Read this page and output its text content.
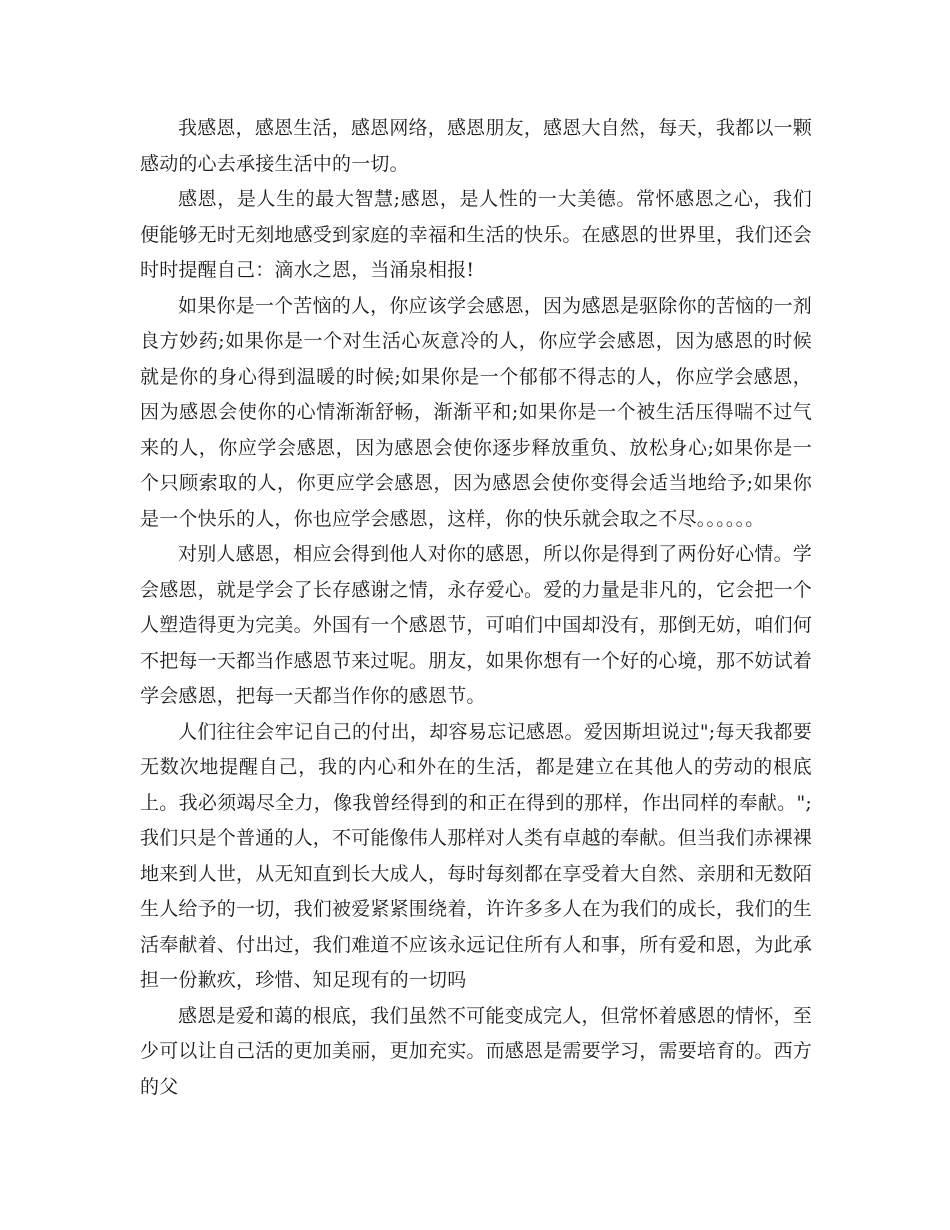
我感恩，感恩生活，感恩网络，感恩朋友，感恩大自然，每天，我都以一颗感动的心去承接生活中的一切。

感恩，是人生的最大智慧;感恩，是人性的一大美德。常怀感恩之心，我们便能够无时无刻地感受到家庭的幸福和生活的快乐。在感恩的世界里，我们还会时时提醒自己：滴水之恩，当涌泉相报!

如果你是一个苦恼的人，你应该学会感恩，因为感恩是驱除你的苦恼的一剂良方妙药;如果你是一个对生活心灰意冷的人，你应学会感恩，因为感恩的时候就是你的身心得到温暖的时候;如果你是一个郁郁不得志的人，你应学会感恩，因为感恩会使你的心情渐渐舒畅，渐渐平和;如果你是一个被生活压得喘不过气来的人，你应学会感恩，因为感恩会使你逐步释放重负、放松身心;如果你是一个只顾索取的人，你更应学会感恩，因为感恩会使你变得会适当地给予;如果你是一个快乐的人，你也应学会感恩，这样，你的快乐就会取之不尽。。。。。。

对别人感恩，相应会得到他人对你的感恩，所以你是得到了两份好心情。学会感恩，就是学会了长存感谢之情，永存爱心。爱的力量是非凡的，它会把一个人塑造得更为完美。外国有一个感恩节，可咱们中国却没有，那倒无妨，咱们何不把每一天都当作感恩节来过呢。朋友，如果你想有一个好的心境，那不妨试着学会感恩，把每一天都当作你的感恩节。

人们往往会牢记自己的付出，却容易忘记感恩。爱因斯坦说过";每天我都要无数次地提醒自己，我的内心和外在的生活，都是建立在其他人的劳动的根底上。我必须竭尽全力，像我曾经得到的和正在得到的那样，作出同样的奉献。";我们只是个普通的人，不可能像伟人那样对人类有卓越的奉献。但当我们赤裸裸地来到人世，从无知直到长大成人，每时每刻都在享受着大自然、亲朋和无数陌生人给予的一切，我们被爱紧紧围绕着，许许多多人在为我们的成长，我们的生活奉献着、付出过，我们难道不应该永远记住所有人和事，所有爱和恩，为此承担一份歉疚，珍惜、知足现有的一切吗

感恩是爱和蔼的根底，我们虽然不可能变成完人，但常怀着感恩的情怀，至少可以让自己活的更加美丽，更加充实。而感恩是需要学习，需要培育的。西方的父
